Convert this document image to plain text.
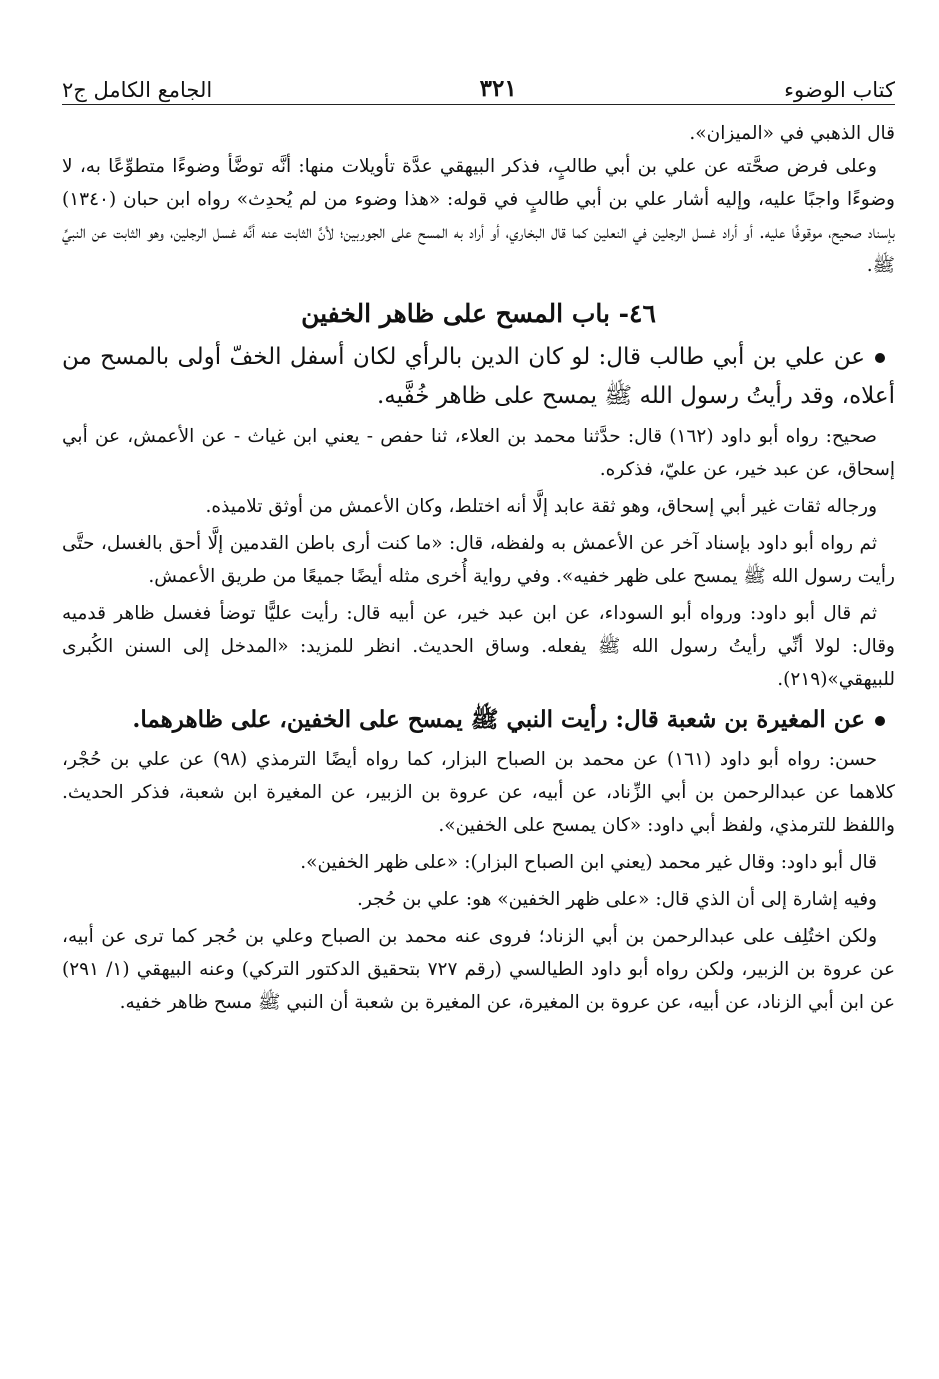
كتاب الوضوء
٣٢١
الجامع الكامل ج٢

قال الذهبي في «الميزان».

وعلى فرض صحَّته عن علي بن أبي طالبٍ، فذكر البيهقي عدَّة تأويلات منها: أنَّه توضَّأ وضوءًا متطوِّعًا به، لا وضوءًا واجبًا عليه، وإليه أشار علي بن أبي طالبٍ في قوله: «هذا وضوء من لم يُحدِث» رواه ابن حبان (١٣٤٠) بإسناد صحيح، موقوفًا عليه. أو أراد غسل الرجلين في النعلين كما قال البخاري، أو أراد به المسح على الجوربين؛ لأنَّ الثابت عنه أنَّه غسل الرجلين، وهو الثابت عن النبيِّ ﷺ.

٤٦- باب المسح على ظاهر الخفين

عن علي بن أبي طالب قال: لو كان الدين بالرأي لكان أسفل الخفّ أولى بالمسح من أعلاه، وقد رأيتُ رسول الله ﷺ يمسح على ظاهر خُفَّيه.

صحيح: رواه أبو داود (١٦٢) قال: حدَّثنا محمد بن العلاء، ثنا حفص - يعني ابن غياث - عن الأعمش، عن أبي إسحاق، عن عبد خير، عن عليّ، فذكره.

ورجاله ثقات غير أبي إسحاق، وهو ثقة عابد إلَّا أنه اختلط، وكان الأعمش من أوثق تلاميذه.

ثم رواه أبو داود بإسناد آخر عن الأعمش به ولفظه، قال: «ما كنت أرى باطن القدمين إلَّا أحق بالغسل، حتَّى رأيت رسول الله ﷺ يمسح على ظهر خفيه». وفي رواية أُخرى مثله أيضًا جميعًا من طريق الأعمش.

ثم قال أبو داود: ورواه أبو السوداء، عن ابن عبد خير، عن أبيه قال: رأيت عليًّا توضأ فغسل ظاهر قدميه وقال: لولا أنِّي رأيتُ رسول الله ﷺ يفعله. وساق الحديث. انظر للمزيد: «المدخل إلى السنن الكُبرى للبيهقي»(٢١٩).

عن المغيرة بن شعبة قال: رأيت النبي ﷺ يمسح على الخفين، على ظاهرهما.

حسن: رواه أبو داود (١٦١) عن محمد بن الصباح البزار، كما رواه أيضًا الترمذي (٩٨) عن علي بن حُجْر، كلاهما عن عبدالرحمن بن أبي الزِّناد، عن أبيه، عن عروة بن الزبير، عن المغيرة ابن شعبة، فذكر الحديث. واللفظ للترمذي، ولفظ أبي داود: «كان يمسح على الخفين».

قال أبو داود: وقال غير محمد (يعني ابن الصباح البزار): «على ظهر الخفين».

وفيه إشارة إلى أن الذي قال: «على ظهر الخفين» هو: علي بن حُجر.

ولكن اختُلِف على عبدالرحمن بن أبي الزناد؛ فروى عنه محمد بن الصباح وعلي بن حُجر كما ترى عن أبيه، عن عروة بن الزبير، ولكن رواه أبو داود الطيالسي (رقم ٧٢٧ بتحقيق الدكتور التركي) وعنه البيهقي (١/ ٢٩١) عن ابن أبي الزناد، عن أبيه، عن عروة بن المغيرة، عن المغيرة بن شعبة أن النبي ﷺ مسح ظاهر خفيه.
